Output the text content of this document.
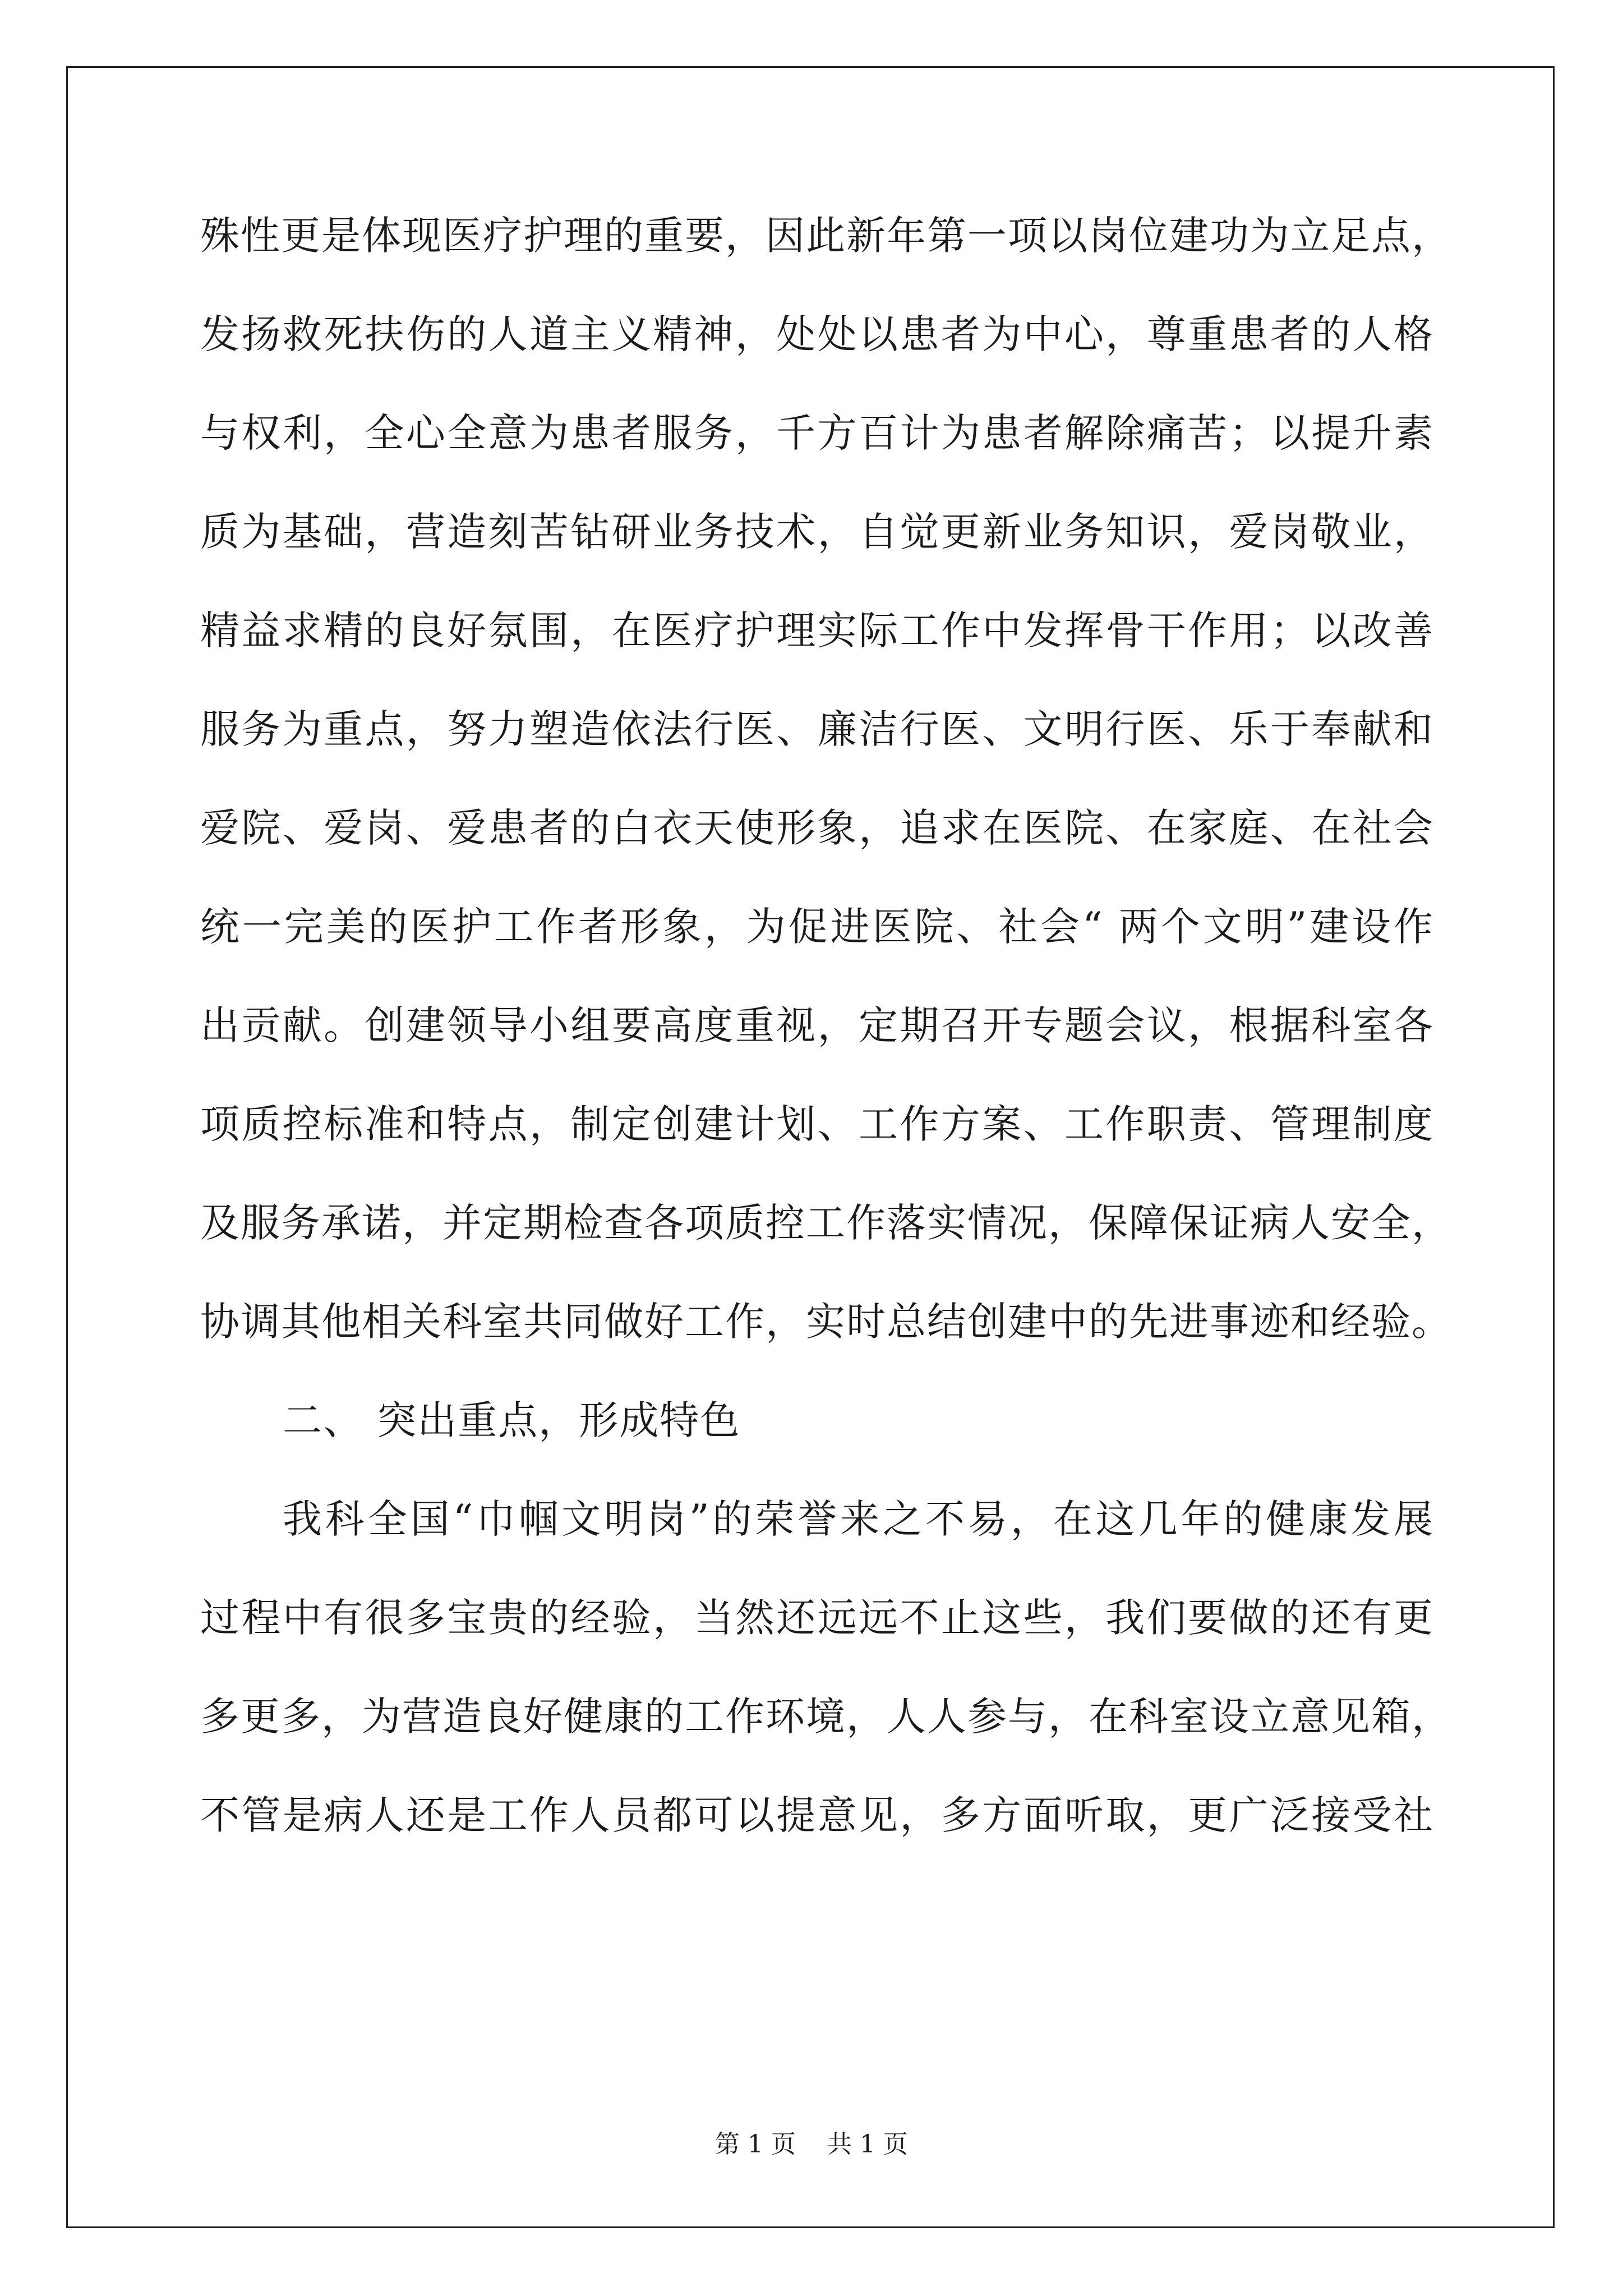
殊性更是体现医疗护理的重要，因此新年第一项以岗位建功为立足点，
发扬救死扶伤的人道主义精神，处处以患者为中心，尊重患者的人格
与权利，全心全意为患者服务，千方百计为患者解除痛苦；以提升素
质为基础，营造刻苦钻研业务技术，自觉更新业务知识，爱岗敬业，
精益求精的良好氛围，在医疗护理实际工作中发挥骨干作用；以改善
服务为重点，努力塑造依法行医、廉洁行医、文明行医、乐于奉献和
爱院、爱岗、爱患者的白衣天使形象，追求在医院、在家庭、在社会
统一完美的医护工作者形象，为促进医院、社会“ 两个文明”建设作
出贡献。创建领导小组要高度重视，定期召开专题会议，根据科室各
项质控标准和特点，制定创建计划、工作方案、工作职责、管理制度
及服务承诺，并定期检查各项质控工作落实情况，保障保证病人安全，
协调其他相关科室共同做好工作，实时总结创建中的先进事迹和经验。
二、 突出重点，形成特色
我科全国“巾帼文明岗”的荣誉来之不易，在这几年的健康发展
过程中有很多宝贵的经验，当然还远远不止这些，我们要做的还有更
多更多，为营造良好健康的工作环境，人人参与，在科室设立意见箱，
不管是病人还是工作人员都可以提意见，多方面听取，更广泛接受社
第 1 页    共 1 页
